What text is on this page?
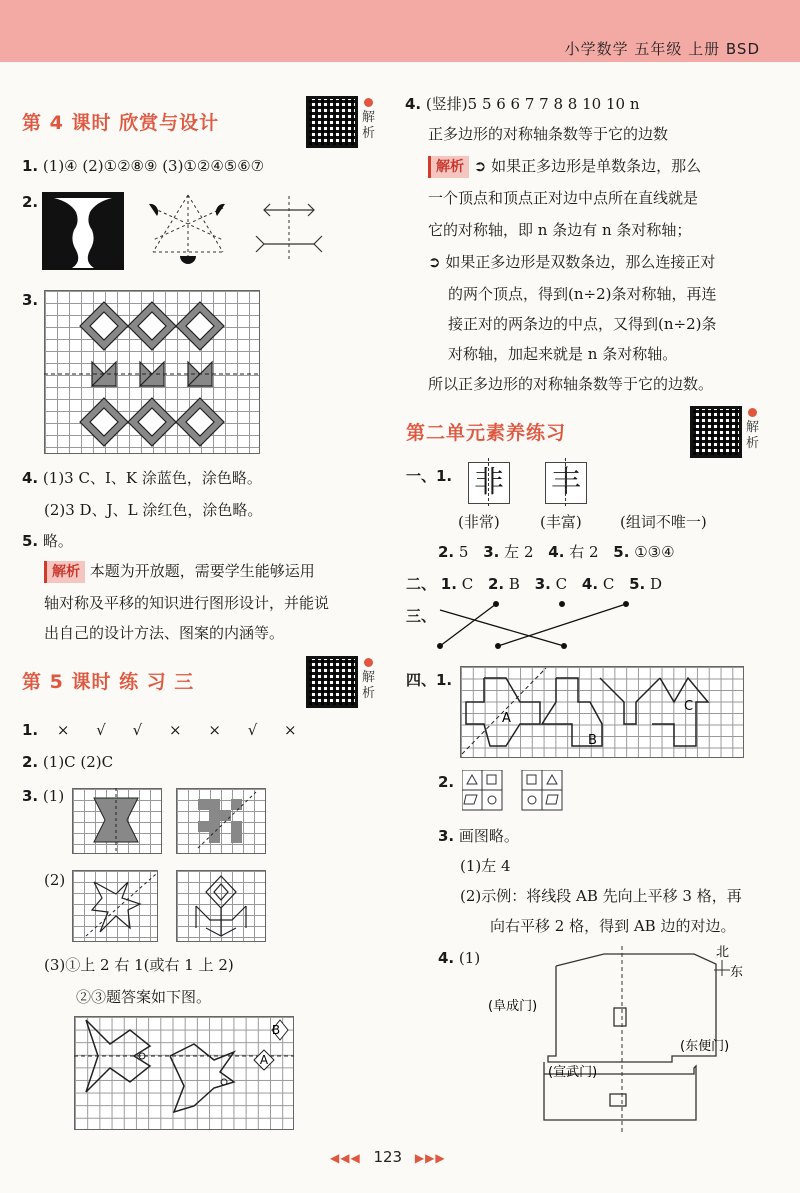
小学数学 五年级 上册 BSD
第 4 课时 欣赏与设计	解析
1. (1)④ (2)①②⑧⑨ (3)①②④⑤⑥⑦
2.
3.
4. (1)3 C、I、K 涂蓝色，涂色略。
(2)3 D、J、L 涂红色，涂色略。
5. 略。
解析 本题为开放题，需要学生能够运用
轴对称及平移的知识进行图形设计，并能说
出自己的设计方法、图案的内涵等。
第 5 课时 练 习 三	解析
1. × √ √ × × √ ×
2. (1)C (2)C
3. (1)
(2)
(3)①上 2 右 1(或右 1 上 2)
②③题答案如下图。
B
A
4. (竖排)5 5 6 6 7 7 8 8 10 10 n
正多边形的对称轴条数等于它的边数
解析 ➲ 如果正多边形是单数条边，那么
一个顶点和顶点正对边中点所在直线就是
它的对称轴，即 n 条边有 n 条对称轴；
➲ 如果正多边形是双数条边，那么连接正对
的两个顶点，得到(n÷2)条对称轴，再连
接正对的两条边的中点，又得到(n÷2)条
对称轴，加起来就是 n 条对称轴。
所以正多边形的对称轴条数等于它的边数。
第二单元素养练习	解析
一、1. 非 丰
(非常)	(丰富)	(组词不唯一)
2. 5 3. 左 2 4. 右 2 5. ①③④
二、 1. C 2. B 3. C 4. C 5. D
三、
四、1.
A
B
C
2.
3. 画图略。
(1)左 4
(2)示例：将线段 AB 先向上平移 3 格，再
向右平移 2 格，得到 AB 边的对边。
4. (1)	北
东
(阜成门)
(东便门)
(宣武门)
◀◀◀ 123 ▶▶▶
